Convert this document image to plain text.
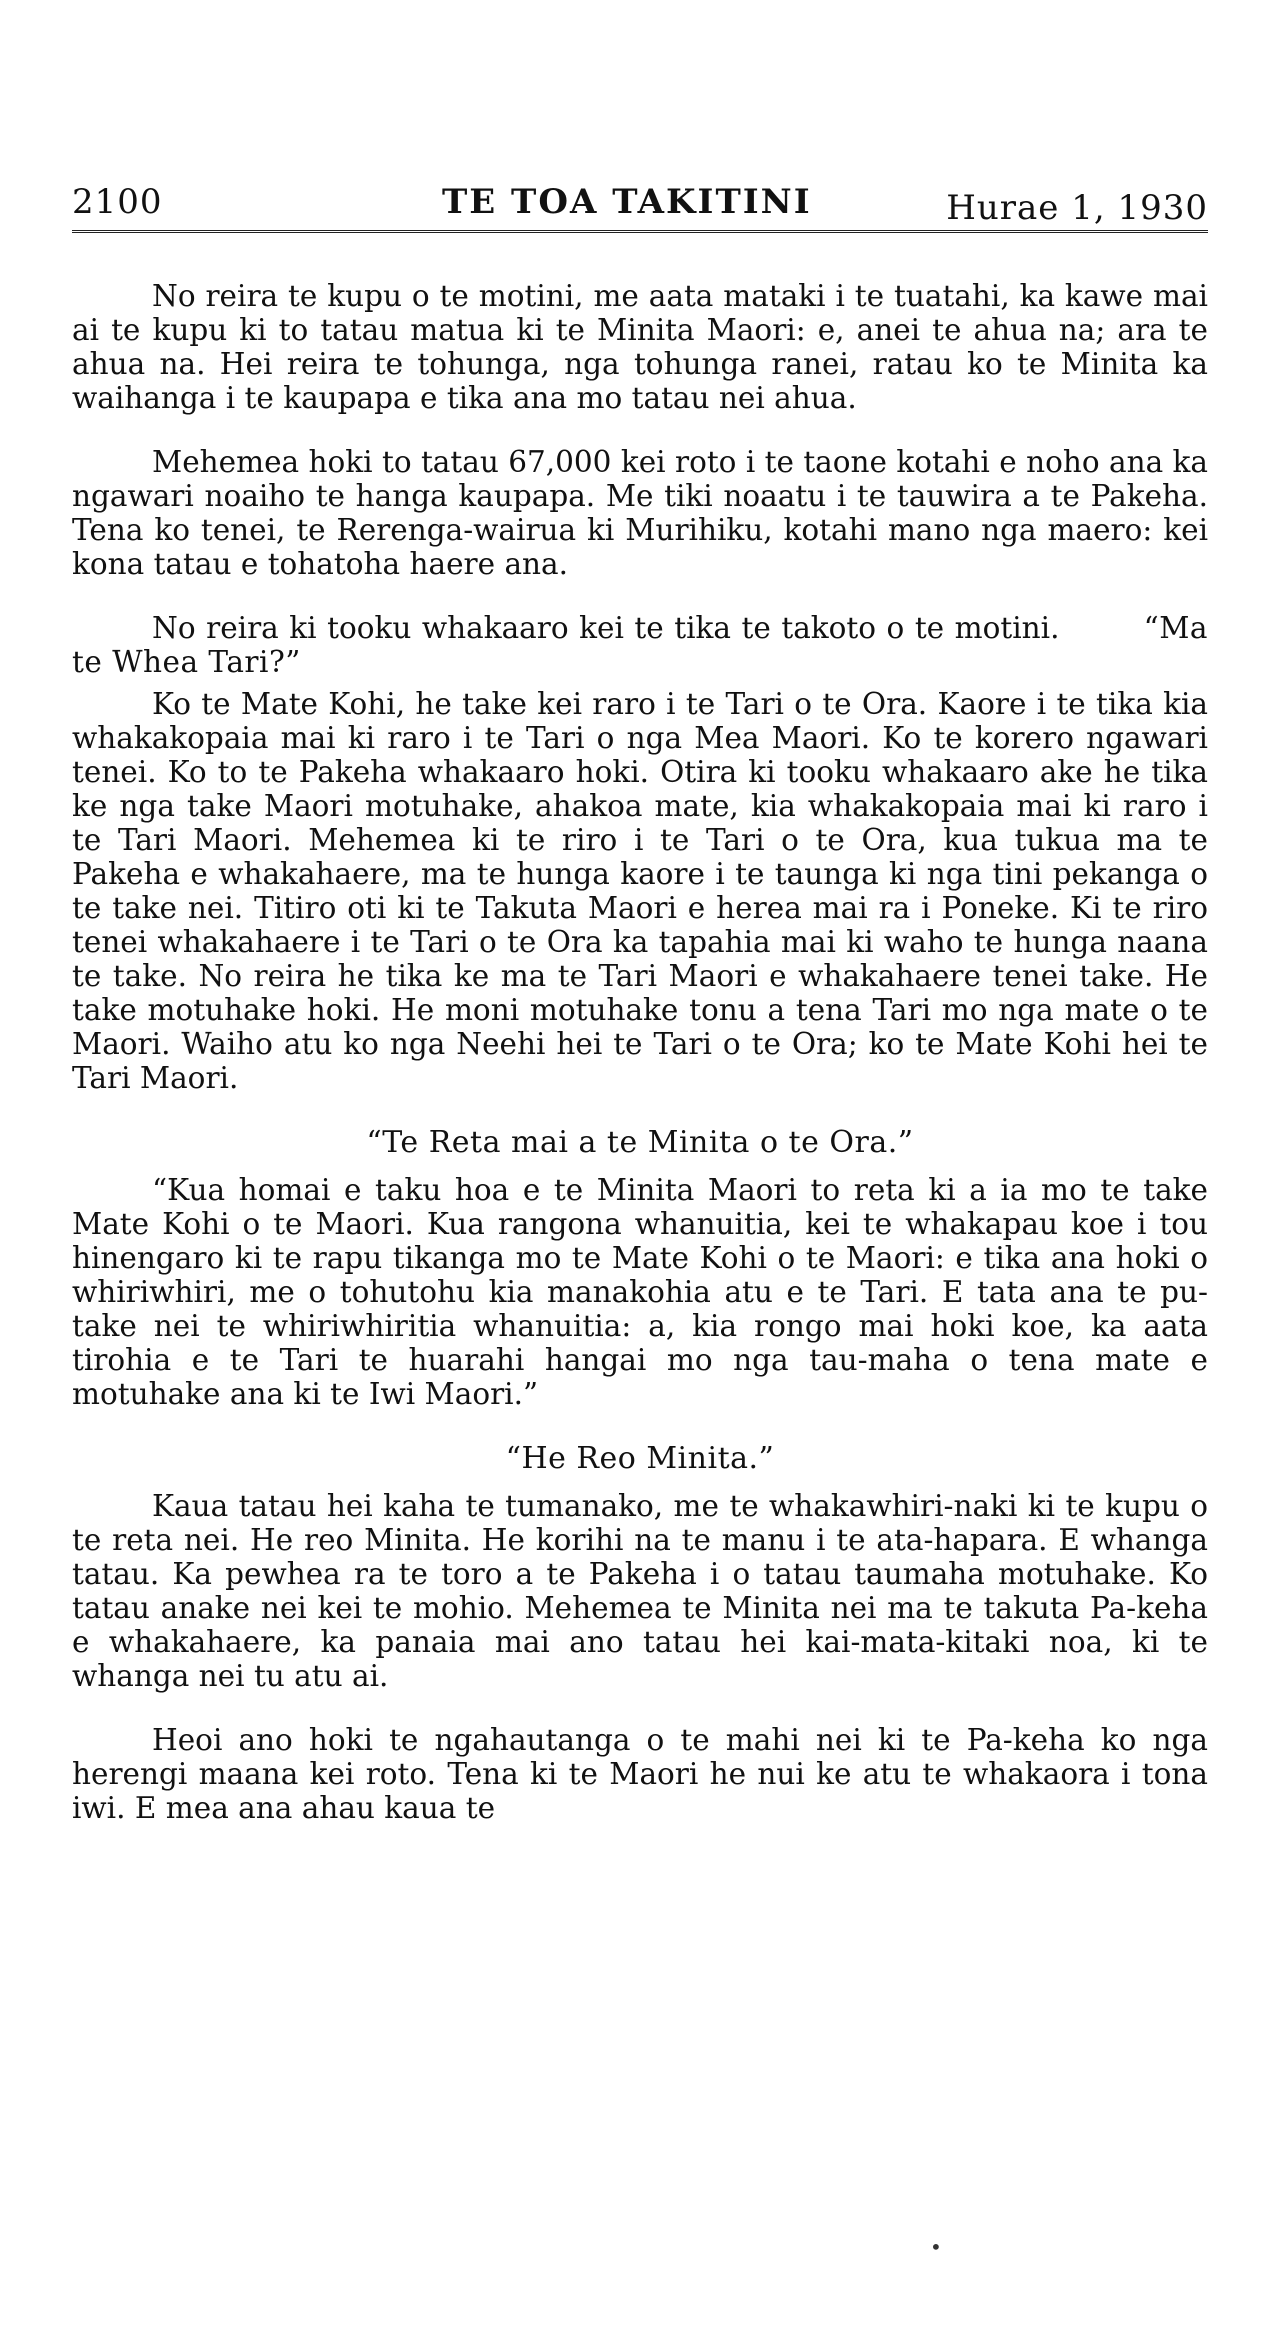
2100	TE TOA TAKITINI	Hurae 1, 1930

No reira te kupu o te motini, me aata mataki i te tuatahi, ka kawe mai ai te kupu ki to tatau matua ki te Minita Maori: e, anei te ahua na; ara te ahua na. Hei reira te tohunga, nga tohunga ranei, ratau ko te Minita ka waihanga i te kaupapa e tika ana mo tatau nei ahua.

Mehemea hoki to tatau 67,000 kei roto i te taone kotahi e noho ana ka ngawari noaiho te hanga kaupapa. Me tiki noaatu i te tauwira a te Pakeha. Tena ko tenei, te Rerenga-wairua ki Murihiku, kotahi mano nga maero: kei kona tatau e tohatoha haere ana.

No reira ki tooku whakaaro kei te tika te takoto o te motini.	“Ma te Whea Tari?”

Ko te Mate Kohi, he take kei raro i te Tari o te Ora. Kaore i te tika kia whakakopaia mai ki raro i te Tari o nga Mea Maori. Ko te korero ngawari tenei. Ko to te Pakeha whakaaro hoki. Otira ki tooku whakaaro ake he tika ke nga take Maori motuhake, ahakoa mate, kia whakakopaia mai ki raro i te Tari Maori. Mehemea ki te riro i te Tari o te Ora, kua tukua ma te Pakeha e whakahaere, ma te hunga kaore i te taunga ki nga tini pekanga o te take nei. Titiro oti ki te Takuta Maori e herea mai ra i Poneke. Ki te riro tenei whakahaere i te Tari o te Ora ka tapahia mai ki waho te hunga naana te take. No reira he tika ke ma te Tari Maori e whakahaere tenei take. He take motuhake hoki. He moni motuhake tonu a tena Tari mo nga mate o te Maori. Waiho atu ko nga Neehi hei te Tari o te Ora; ko te Mate Kohi hei te Tari Maori.

“Te Reta mai a te Minita o te Ora.”

“Kua homai e taku hoa e te Minita Maori to reta ki a ia mo te take Mate Kohi o te Maori. Kua rangona whanuitia, kei te whakapau koe i tou hinengaro ki te rapu tikanga mo te Mate Kohi o te Maori: e tika ana hoki o whiriwhiri, me o tohutohu kia manakohia atu e te Tari. E tata ana te pu-take nei te whiriwhiritia whanuitia: a, kia rongo mai hoki koe, ka aata tirohia e te Tari te huarahi hangai mo nga tau-maha o tena mate e motuhake ana ki te Iwi Maori.”

“He Reo Minita.”

Kaua tatau hei kaha te tumanako, me te whakawhiri-naki ki te kupu o te reta nei. He reo Minita. He korihi na te manu i te ata-hapara. E whanga tatau. Ka pewhea ra te toro a te Pakeha i o tatau taumaha motuhake. Ko tatau anake nei kei te mohio. Mehemea te Minita nei ma te takuta Pa-keha e whakahaere, ka panaia mai ano tatau hei kai-mata-kitaki noa, ki te whanga nei tu atu ai.

Heoi ano hoki te ngahautanga o te mahi nei ki te Pa-keha ko nga herengi maana kei roto. Tena ki te Maori he nui ke atu te whakaora i tona iwi. E mea ana ahau kaua te

•
